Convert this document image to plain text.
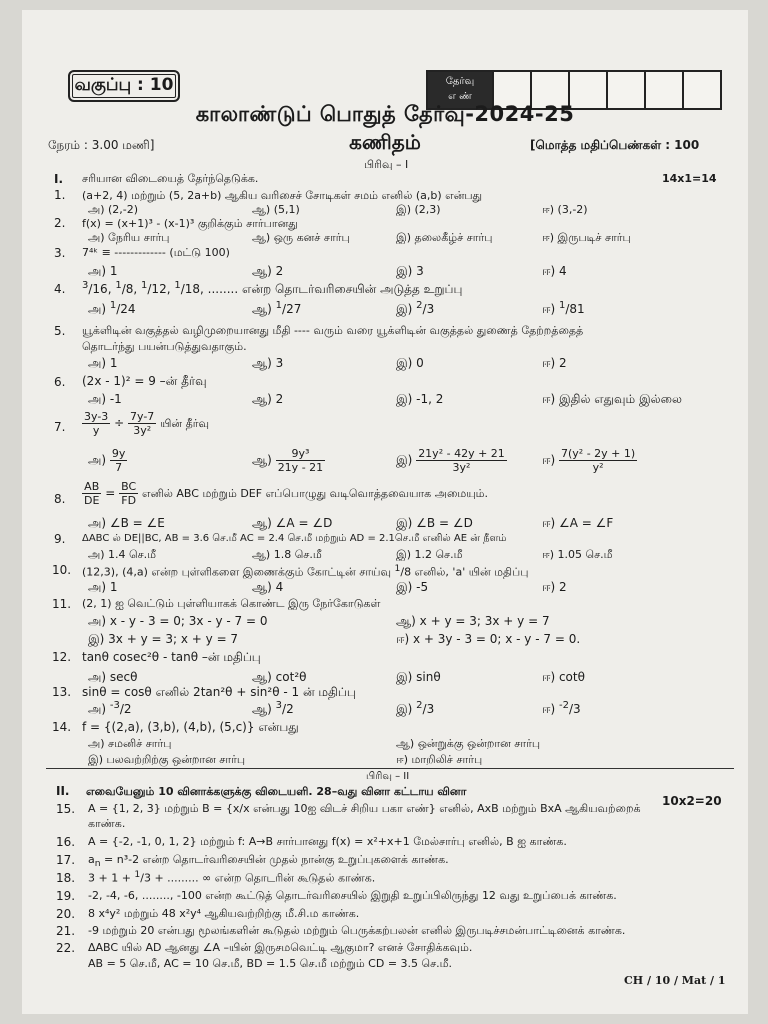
வகுப்பு : 10	தேர்வு
எ ண்
காலாண்டுப் பொதுத் தேர்வு-2024-25
நேரம் : 3.00 மணி]	கணிதம்	[மொத்த மதிப்பெண்கள் : 100
பிரிவு – I
I. சரியான விடையைத் தேர்ந்தெடுக்க.	14x1=14
1. (a+2, 4) மற்றும் (5, 2a+b) ஆகிய வரிசைச் சோடிகள் சமம் எனில் (a,b) என்பது
அ) (2,-2)	ஆ) (5,1)	இ) (2,3)	ஈ) (3,-2)
2. f(x) = (x+1)³ - (x-1)³ குறிக்கும் சார்பானது
அ) நேரிய சார்பு	ஆ) ஒரு கனச் சார்பு	இ) தலைகீழ்ச் சார்பு	ஈ) இருபடிச் சார்பு
3. 7⁴ᵏ ≡ ------------- (மட்டு 100)
அ) 1	ஆ) 2	இ) 3	ஈ) 4
4. $^3$/16, $^1$/8, $^1$/12, $^1$/18, ........ என்ற தொடர்வரிசையின் அடுத்த உறுப்பு
அ) $^1$/24	ஆ) $^1$/27	இ) $^2$/3	ஈ) $^1$/81
5. யூக்ளிடின் வகுத்தல் வழிமுறையானது மீதி ---- வரும் வரை யூக்ளிடின் வகுத்தல் துணைத் தேற்றத்தைத்
தொடர்ந்து பயன்படுத்துவதாகும்.
அ) 1	ஆ) 3	இ) 0	ஈ) 2
6. (2x - 1)² = 9 –ன் தீர்வு
அ) -1	ஆ) 2	இ) -1, 2	ஈ) இதில் எதுவும் இல்லை
7. $\frac{3y-3}{y} \div \frac{7y-7}{\text{3y²}}$ யின் தீர்வு
அ) $\frac{9y}{7}$	ஆ) $\frac{\text{9y³}}{21y - 21}$	இ) $\frac{\text{21y² - 42y + 21}}{\text{3y²}}$	ஈ) $\frac{\text{7(y² - 2y + 1)}}{\text{y²}}$
8. $\frac{AB}{DE} = \frac{BC}{FD}$ எனில் ABC மற்றும் DEF எப்பொழுது வடிவொத்தவையாக அமையும்.
அ) ∠B = ∠E	ஆ) ∠A = ∠D	இ) ∠B = ∠D	ஈ) ∠A = ∠F
9. ΔABC ல் DE||BC, AB = 3.6 செ.மீ AC = 2.4 செ.மீ மற்றும் AD = 2.1செ.மீ எனில் AE ன் நீளம்
அ) 1.4 செ.மீ	ஆ) 1.8 செ.மீ	இ) 1.2 செ.மீ	ஈ) 1.05 செ.மீ
10. (12,3), (4,a) என்ற புள்ளிகளை இணைக்கும் கோட்டின் சாய்வு $^1$/8 எனில், 'a' யின் மதிப்பு
அ) 1	ஆ) 4	இ) -5	ஈ) 2
11. (2, 1) ஐ வெட்டும் புள்ளியாகக் கொண்ட இரு நேர்கோடுகள்
அ) x - y - 3 = 0; 3x - y - 7 = 0	ஆ) x + y = 3; 3x + y = 7
இ) 3x + y = 3; x + y = 7	ஈ) x + 3y - 3 = 0; x - y - 7 = 0.
12. tanθ cosec²θ - tanθ –ன் மதிப்பு
அ) secθ	ஆ) cot²θ	இ) sinθ	ஈ) cotθ
13. sinθ = cosθ எனில் 2tan²θ + sin²θ - 1 ன் மதிப்பு
அ) $^{-3}$/2	ஆ) $^3$/2	இ) $^2$/3	ஈ) $^{-2}$/3
14. f = {(2,a), (3,b), (4,b), (5,c)} என்பது
அ) சமனிச் சார்பு	ஆ) ஒன்றுக்கு ஒன்றான சார்பு
இ) பலவற்றிற்கு ஒன்றான சார்பு	ஈ) மாறிலிச் சார்பு
பிரிவு – II
II. எவையேனும் 10 வினாக்களுக்கு விடையளி. 28–வது வினா கட்டாய வினா
10x2=20
15. A = {1, 2, 3} மற்றும் B = {x/x என்பது 10ஐ விடச் சிறிய பகா எண்} எனில், AxB மற்றும் BxA ஆகியவற்றைக்
காண்க.
16. A = {-2, -1, 0, 1, 2} மற்றும் f: A→B சார்பானது f(x) = x²+x+1 மேல்சார்பு எனில், B ஐ காண்க.
17. $a_n = n^3-2$ என்ற தொடர்வரிசையின் முதல் நான்கு உறுப்புகளைக் காண்க.
18. 3 + 1 + $^1$/3 + ......... ∞ என்ற தொடரின் கூடுதல் காண்க.
19. -2, -4, -6, ........, -100 என்ற கூட்டுத் தொடர்வரிசையில் இறுதி உறுப்பிலிருந்து 12 வது உறுப்பைக் காண்க.
20. 8 x⁴y² மற்றும் 48 x²y⁴ ஆகியவற்றிற்கு மீ.சி.ம காண்க.
21. -9 மற்றும் 20 என்பது மூலங்களின் கூடுதல் மற்றும் பெருக்கற்பலன் எனில் இருபடிச்சமன்பாட்டினைக் காண்க.
22. ΔABC யில் AD ஆனது ∠A –யின் இருசமவெட்டி ஆகுமா? எனச் சோதிக்கவும்.
AB = 5 செ.மீ, AC = 10 செ.மீ, BD = 1.5 செ.மீ மற்றும் CD = 3.5 செ.மீ.
CH / 10 / Mat / 1
